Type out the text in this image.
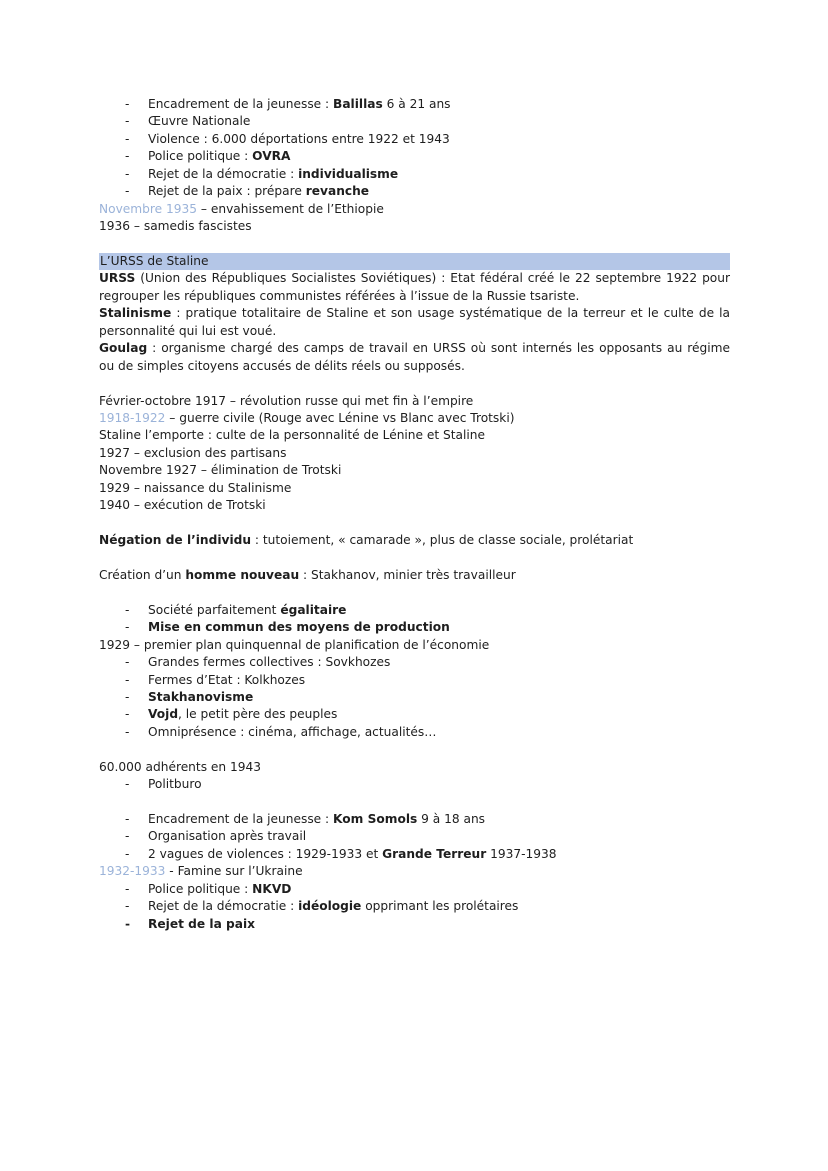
- Encadrement de la jeunesse : Balillas 6 à 21 ans
- Œuvre Nationale
- Violence : 6.000 déportations entre 1922 et 1943
- Police politique : OVRA
- Rejet de la démocratie : individualisme
- Rejet de la paix : prépare revanche
Novembre 1935 – envahissement de l’Ethiopie
1936 – samedis fascistes
L’URSS de Staline
URSS (Union des Républiques Socialistes Soviétiques) : Etat fédéral créé le 22 septembre 1922 pour regrouper les républiques communistes référées à l’issue de la Russie tsariste.
Stalinisme : pratique totalitaire de Staline et son usage systématique de la terreur et le culte de la personnalité qui lui est voué.
Goulag : organisme chargé des camps de travail en URSS où sont internés les opposants au régime ou de simples citoyens accusés de délits réels ou supposés.
Février-octobre 1917 – révolution russe qui met fin à l’empire
1918-1922 – guerre civile (Rouge avec Lénine vs Blanc avec Trotski)
Staline l’emporte : culte de la personnalité de Lénine et Staline
1927 – exclusion des partisans
Novembre 1927 – élimination de Trotski
1929 – naissance du Stalinisme
1940 – exécution de Trotski
Négation de l’individu : tutoiement, « camarade », plus de classe sociale, prolétariat
Création d’un homme nouveau : Stakhanov, minier très travailleur
- Société parfaitement égalitaire
- Mise en commun des moyens de production
1929 – premier plan quinquennal de planification de l’économie
- Grandes fermes collectives : Sovkhozes
- Fermes d’Etat : Kolkhozes
- Stakhanovisme
- Vojd, le petit père des peuples
- Omniprésence : cinéma, affichage, actualités…
60.000 adhérents en 1943
- Politburo
- Encadrement de la jeunesse : Kom Somols 9 à 18 ans
- Organisation après travail
- 2 vagues de violences : 1929-1933 et Grande Terreur 1937-1938
1932-1933 - Famine sur l’Ukraine
- Police politique : NKVD
- Rejet de la démocratie : idéologie opprimant les prolétaires
- Rejet de la paix
